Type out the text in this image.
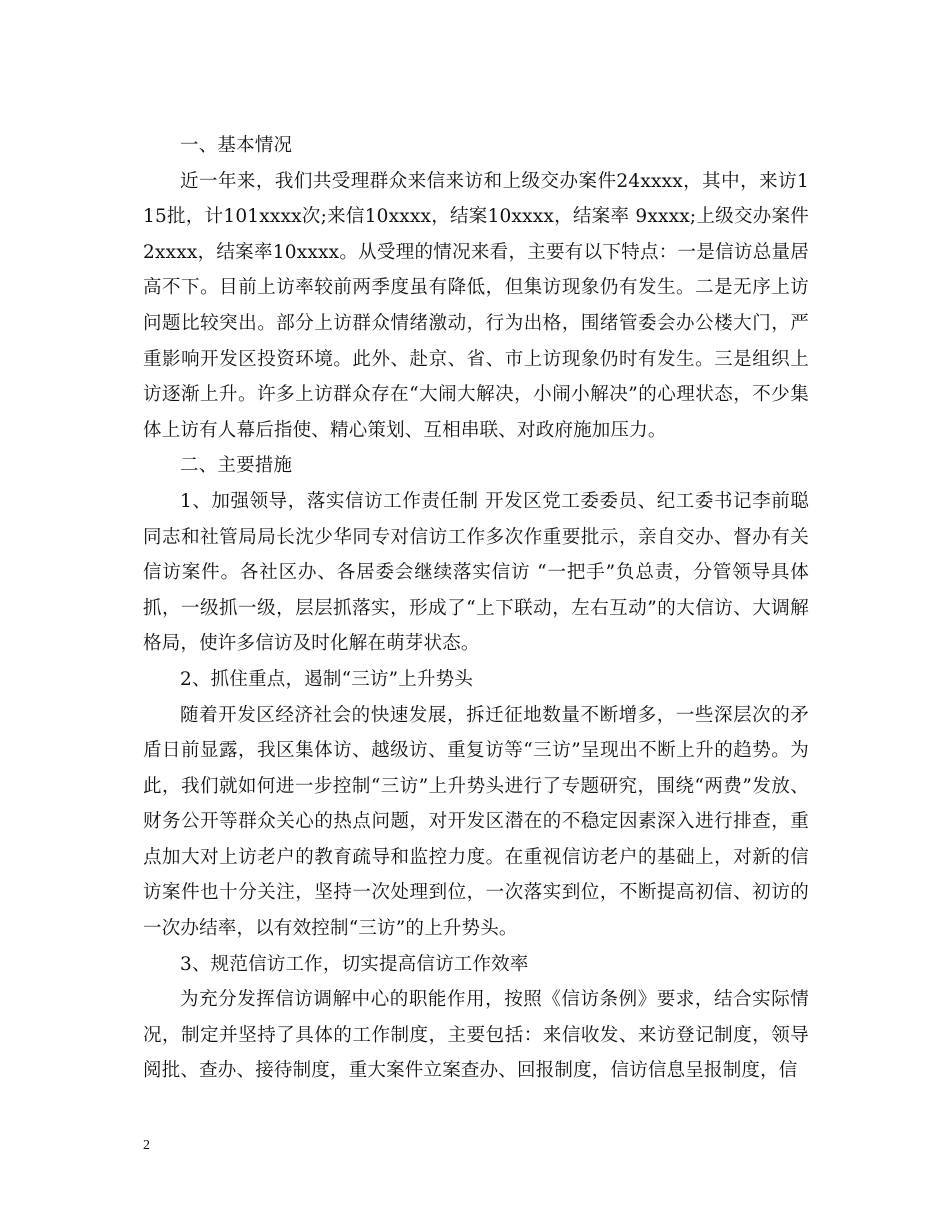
一、基本情况

近一年来，我们共受理群众来信来访和上级交办案件24xxxx，其中，来访115批，计101xxxx次;来信10xxxx，结案10xxxx，结案率 9xxxx;上级交办案件2xxxx，结案率10xxxx。从受理的情况来看，主要有以下特点：一是信访总量居高不下。目前上访率较前两季度虽有降低，但集访现象仍有发生。二是无序上访问题比较突出。部分上访群众情绪激动，行为出格，围绪管委会办公楼大门，严重影响开发区投资环境。此外、赴京、省、市上访现象仍时有发生。三是组织上访逐渐上升。许多上访群众存在“大闹大解决，小闹小解决”的心理状态，不少集体上访有人幕后指使、精心策划、互相串联、对政府施加压力。

二、主要措施

1、加强领导，落实信访工作责任制 开发区党工委委员、纪工委书记李前聪同志和社管局局长沈少华同专对信访工作多次作重要批示，亲自交办、督办有关信访案件。各社区办、各居委会继续落实信访 “一把手”负总责，分管领导具体抓，一级抓一级，层层抓落实，形成了“上下联动，左右互动”的大信访、大调解格局，使许多信访及时化解在萌芽状态。

2、抓住重点，遏制“三访”上升势头

随着开发区经济社会的快速发展，拆迁征地数量不断增多，一些深层次的矛盾日前显露，我区集体访、越级访、重复访等“三访”呈现出不断上升的趋势。为此，我们就如何进一步控制“三访”上升势头进行了专题研究，围绕“两费”发放、财务公开等群众关心的热点问题，对开发区潜在的不稳定因素深入进行排查，重点加大对上访老户的教育疏导和监控力度。在重视信访老户的基础上，对新的信访案件也十分关注，坚持一次处理到位，一次落实到位，不断提高初信、初访的一次办结率，以有效控制“三访”的上升势头。

3、规范信访工作，切实提高信访工作效率

为充分发挥信访调解中心的职能作用，按照《信访条例》要求，结合实际情况，制定并坚持了具体的工作制度，主要包括：来信收发、来访登记制度，领导阅批、查办、接待制度，重大案件立案查办、回报制度，信访信息呈报制度，信

2
